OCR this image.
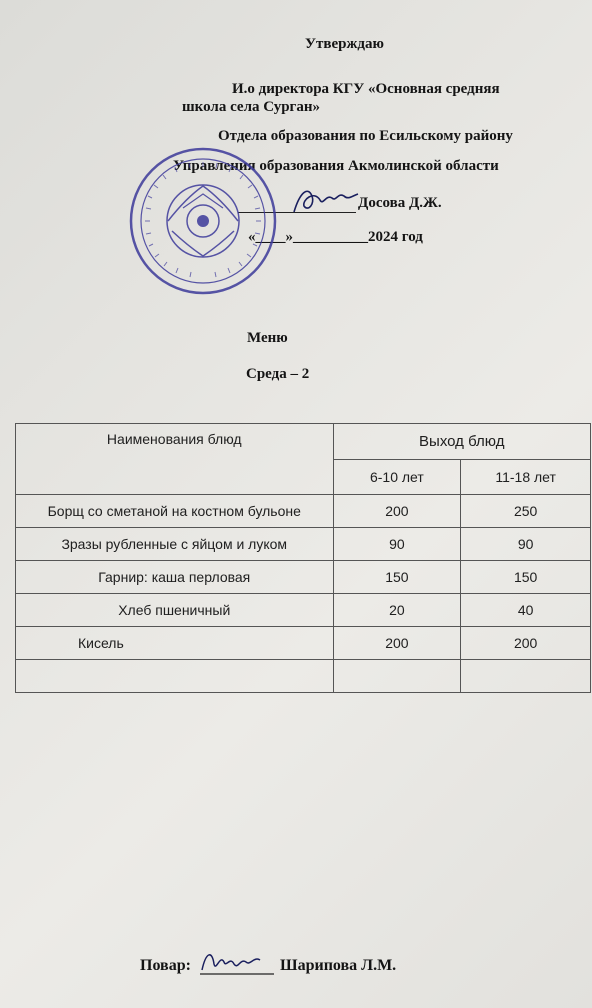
Утверждаю
И.о директора КГУ «Основная средняя
школа села Сурган»
Отдела образования по Есильскому району
Управления образования Акмолинской области
Досова Д.Ж.
«____»__________2024 год
Меню
Среда – 2
Наименования блюд	Выход блюд	
	6-10 лет	11-18 лет
Борщ со сметаной на костном бульоне	200	250
Зразы рубленные с яйцом и луком	90	90
Гарнир: каша перловая	150	150
Хлеб пшеничный	20	40
Кисель	200	200

Повар:	Шарипова Л.М.
